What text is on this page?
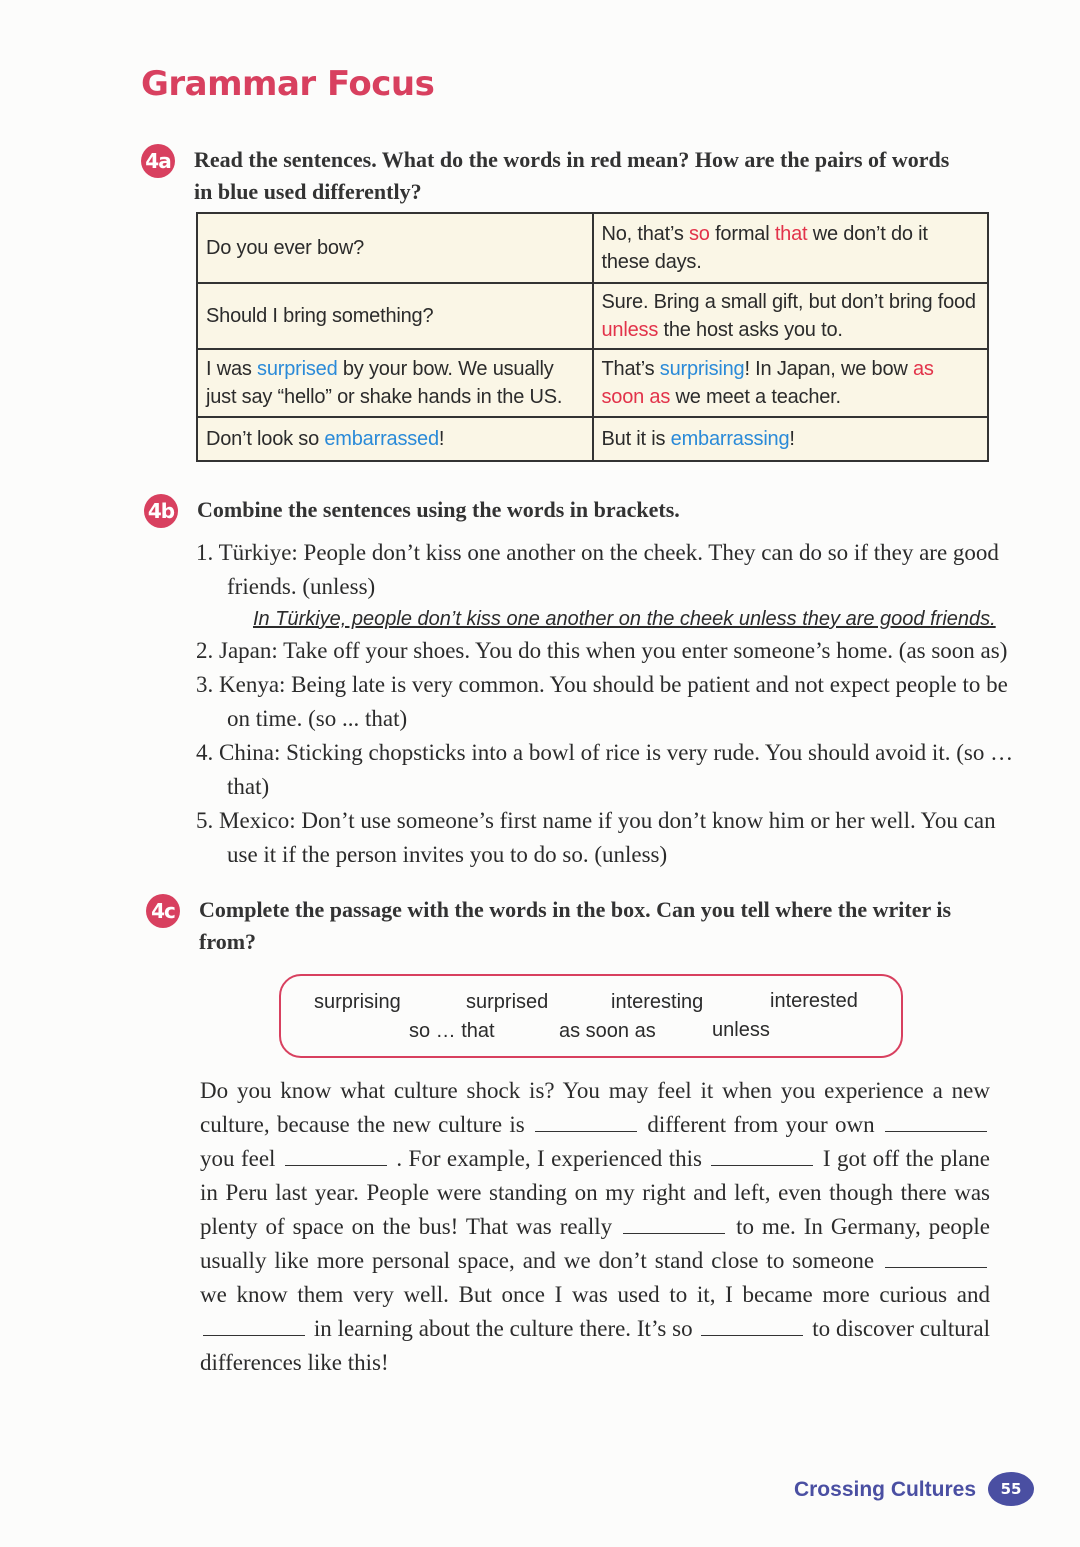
Grammar Focus
4a Read the sentences. What do the words in red mean? How are the pairs of words in blue used differently?
Do you ever bow?	No, that’s so formal that we don’t do it these days.
Should I bring something?	Sure. Bring a small gift, but don’t bring food unless the host asks you to.
I was surprised by your bow. We usually just say “hello” or shake hands in the US.	That’s surprising! In Japan, we bow as soon as we meet a teacher.
Don’t look so embarrassed!	But it is embarrassing!
4b Combine the sentences using the words in brackets.
1. Türkiye: People don’t kiss one another on the cheek. They can do so if they are good friends. (unless)
In Türkiye, people don’t kiss one another on the cheek unless they are good friends.
2. Japan: Take off your shoes. You do this when you enter someone’s home. (as soon as)
3. Kenya: Being late is very common. You should be patient and not expect people to be on time. (so ... that)
4. China: Sticking chopsticks into a bowl of rice is very rude. You should avoid it. (so … that)
5. Mexico: Don’t use someone’s first name if you don’t know him or her well. You can use it if the person invites you to do so. (unless)
4c Complete the passage with the words in the box. Can you tell where the writer is from?
surprising	surprised	interesting	interested
so … that	as soon as	unless
Do you know what culture shock is? You may feel it when you experience a new culture, because the new culture is	different from your own  you feel	. For example, I experienced this	I got off the plane in Peru last year. People were standing on my right and left, even though there was plenty of space on the bus! That was really	to me. In Germany, people usually like more personal space, and we don’t stand close to someone  we know them very well. But once I was used to it, I became more curious and  in learning about the culture there. It’s so	to discover cultural differences like this!
Crossing Cultures	55
